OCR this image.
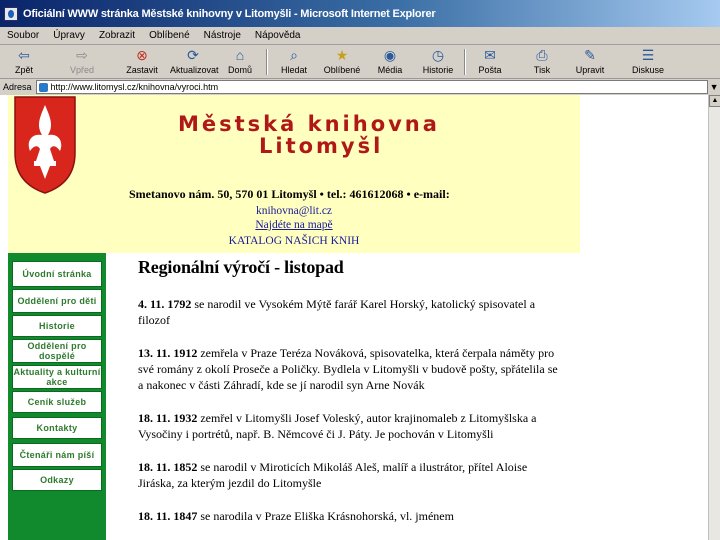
Oficiální WWW stránka Městské knihovny v Litomyšli - Microsoft Internet Explorer
Soubor Úpravy Zobrazit Oblíbené Nástroje Nápověda
⇦
Zpět
⇨
Vpřed
⊗
Zastavit
⟳
Aktualizovat
⌂
Domů
⌕
Hledat
★
Oblíbené
◉
Média
◷
Historie
✉
Pošta
⎙
Tisk
✎
Upravit
☰
Diskuse
Adresa	http://www.litomysl.cz/knihovna/vyroci.htm	▼
Městská knihovna
Litomyšl
Smetanovo nám. 50, 570 01 Litomyšl • tel.: 461612068 • e-mail:
knihovna@lit.cz
Najdéte na mapě
KATALOG NAŠICH KNIH
Úvodní stránka
Oddělení pro děti
Historie
Oddělení pro dospělé
Aktuality a kulturní akce
Ceník služeb
Kontakty
Čtenáři nám píší
Odkazy
Regionální výročí - listopad

4. 11. 1792 se narodil ve Vysokém Mýtě farář Karel Horský, katolický spisovatel a filozof

13. 11. 1912 zemřela v Praze Teréza Nováková, spisovatelka, která čerpala náměty pro své romány z okolí Proseče a Poličky. Bydlela v Litomyšli v budově pošty, spřátelila se a nakonec v části Záhradí, kde se jí narodil syn Arne Novák

18. 11. 1932 zemřel v Litomyšli Josef Voleský, autor krajinomaleb z Litomyšlska a Vysočiny i portrétů, např. B. Němcové či J. Páty. Je pochován v Litomyšli

18. 11. 1852 se narodil v Miroticích Mikoláš Aleš, malíř a ilustrátor, přítel Aloise Jiráska, za kterým jezdil do Litomyšle

18. 11. 1847 se narodila v Praze Eliška Krásnohorská, vl. jménem

▲
